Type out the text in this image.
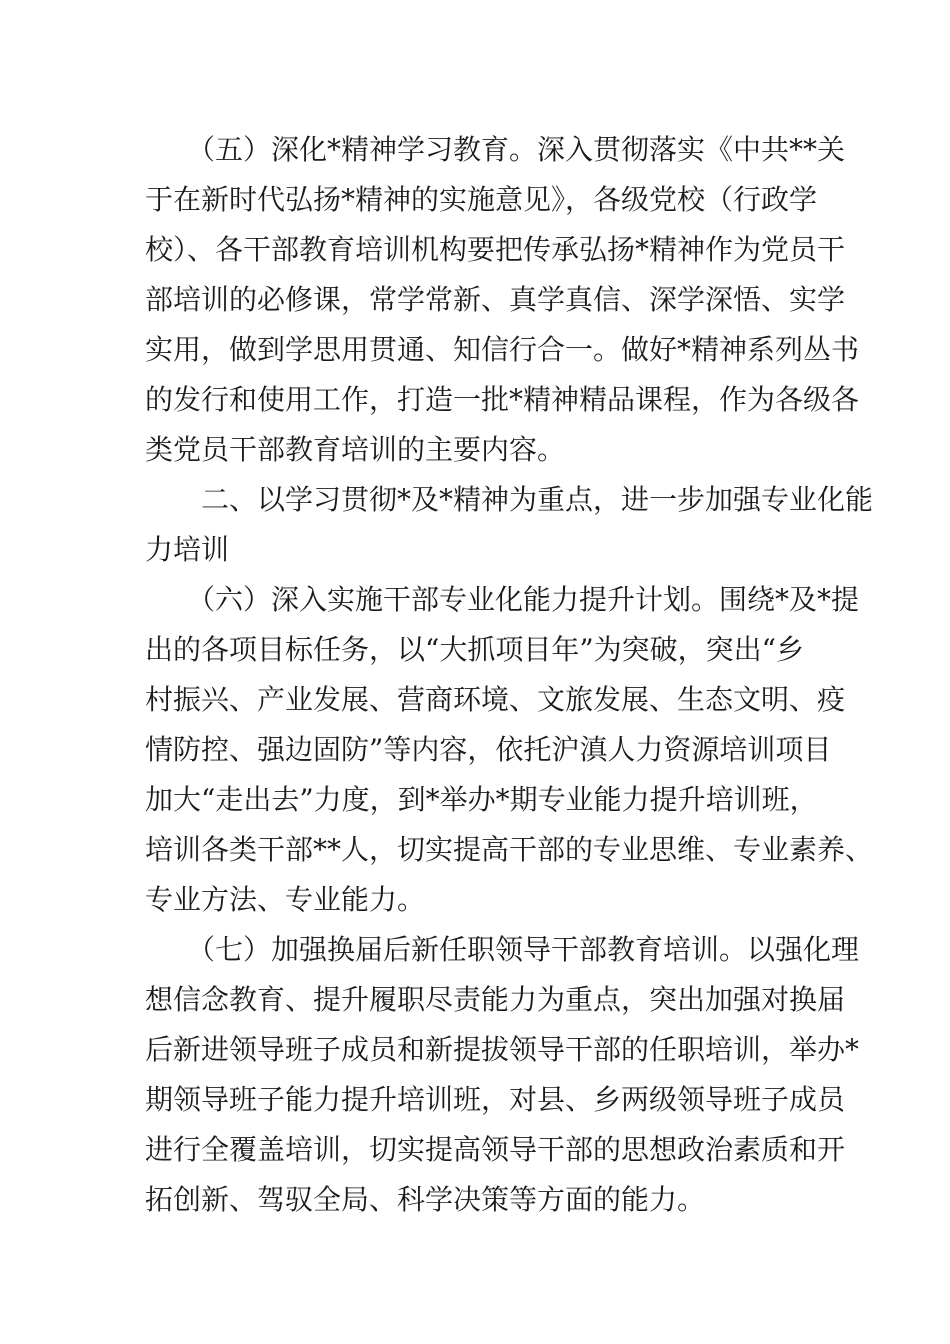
　　（五）深化*精神学习教育。深入贯彻落实《中共**关
于在新时代弘扬*精神的实施意见》，各级党校（行政学
校）、各干部教育培训机构要把传承弘扬*精神作为党员干
部培训的必修课，常学常新、真学真信、深学深悟、实学
实用，做到学思用贯通、知信行合一。做好*精神系列丛书
的发行和使用工作，打造一批*精神精品课程，作为各级各
类党员干部教育培训的主要内容。
　　二、以学习贯彻*及*精神为重点，进一步加强专业化能
力培训
　　（六）深入实施干部专业化能力提升计划。围绕*及*提
出的各项目标任务，以“大抓项目年”为突破，突出“乡
村振兴、产业发展、营商环境、文旅发展、生态文明、疫
情防控、强边固防”等内容，依托沪滇人力资源培训项目
加大“走出去”力度，到*举办*期专业能力提升培训班，
培训各类干部**人，切实提高干部的专业思维、专业素养、
专业方法、专业能力。
　　（七）加强换届后新任职领导干部教育培训。以强化理
想信念教育、提升履职尽责能力为重点，突出加强对换届
后新进领导班子成员和新提拔领导干部的任职培训，举办*
期领导班子能力提升培训班，对县、乡两级领导班子成员
进行全覆盖培训，切实提高领导干部的思想政治素质和开
拓创新、驾驭全局、科学决策等方面的能力。
